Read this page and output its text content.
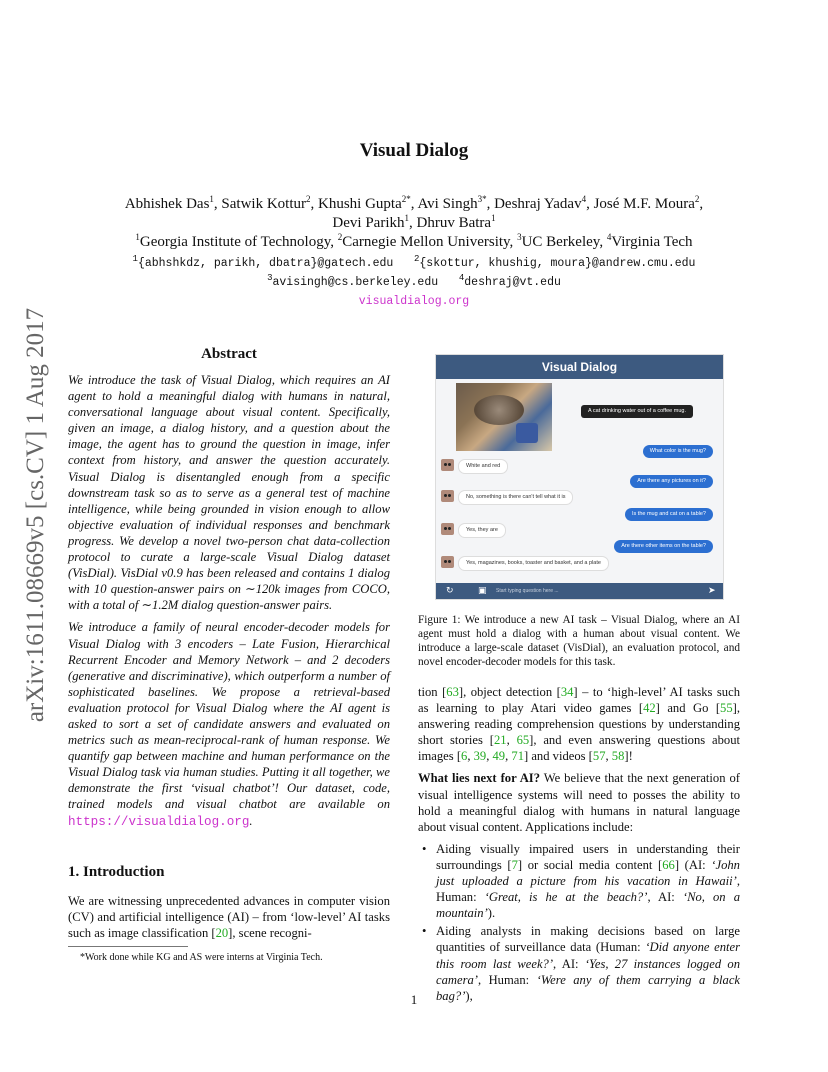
arXiv:1611.08669v5 [cs.CV] 1 Aug 2017
Visual Dialog
Abhishek Das$^1$, Satwik Kottur$^2$, Khushi Gupta$^{2*}$, Avi Singh$^{3*}$, Deshraj Yadav$^4$, José M.F. Moura$^2$,
Devi Parikh$^1$, Dhruv Batra$^1$
$^1$Georgia Institute of Technology, $^2$Carnegie Mellon University, $^3$UC Berkeley, $^4$Virginia Tech
$^1${abhshkdz, parikh, dbatra}@gatech.edu $^2${skottur, khushig, moura}@andrew.cmu.edu
$^3$avisingh@cs.berkeley.edu $^4$deshraj@vt.edu
visualdialog.org
Abstract

We introduce the task of Visual Dialog, which requires an AI agent to hold a meaningful dialog with humans in natural, conversational language about visual content. Specifically, given an image, a dialog history, and a question about the image, the agent has to ground the question in image, infer context from history, and answer the question accurately. Visual Dialog is disentangled enough from a specific downstream task so as to serve as a general test of machine intelligence, while being grounded in vision enough to allow objective evaluation of individual responses and benchmark progress. We develop a novel two-person chat data-collection protocol to curate a large-scale Visual Dialog dataset (VisDial). VisDial v0.9 has been released and contains 1 dialog with 10 question-answer pairs on ∼120k images from COCO, with a total of ∼1.2M dialog question-answer pairs.

We introduce a family of neural encoder-decoder models for Visual Dialog with 3 encoders – Late Fusion, Hierarchical Recurrent Encoder and Memory Network – and 2 decoders (generative and discriminative), which outperform a number of sophisticated baselines. We propose a retrieval-based evaluation protocol for Visual Dialog where the AI agent is asked to sort a set of candidate answers and evaluated on metrics such as mean-reciprocal-rank of human response. We quantify gap between machine and human performance on the Visual Dialog task via human studies. Putting it all together, we demonstrate the first ‘visual chatbot’! Our dataset, code, trained models and visual chatbot are available on https://visualdialog.org.

1. Introduction

We are witnessing unprecedented advances in computer vision (CV) and artificial intelligence (AI) – from ‘low-level’ AI tasks such as image classification [20], scene recogni-

*Work done while KG and AS were interns at Virginia Tech.
Visual Dialog
A cat drinking water out of a coffee mug.
What color is the mug?
White and red
Are there any pictures on it?
No, something is there can't tell what it is
Is the mug and cat on a table?
Yes, they are
Are there other items on the table?
Yes, magazines, books, toaster and basket, and a plate
↻	▣ Start typing question here ...	➤
Figure 1: We introduce a new AI task – Visual Dialog, where an AI agent must hold a dialog with a human about visual content. We introduce a large-scale dataset (VisDial), an evaluation protocol, and novel encoder-decoder models for this task.

tion [63], object detection [34] – to ‘high-level’ AI tasks such as learning to play Atari video games [42] and Go [55], answering reading comprehension questions by understanding short stories [21, 65], and even answering questions about images [6, 39, 49, 71] and videos [57, 58]!

What lies next for AI? We believe that the next generation of visual intelligence systems will need to posses the ability to hold a meaningful dialog with humans in natural language about visual content. Applications include:

• Aiding visually impaired users in understanding their surroundings [7] or social media content [66] (AI: ‘John just uploaded a picture from his vacation in Hawaii’, Human: ‘Great, is he at the beach?’, AI: ‘No, on a mountain’).
• Aiding analysts in making decisions based on large quantities of surveillance data (Human: ‘Did anyone enter this room last week?’, AI: ‘Yes, 27 instances logged on camera’, Human: ‘Were any of them carrying a black bag?’),
1
